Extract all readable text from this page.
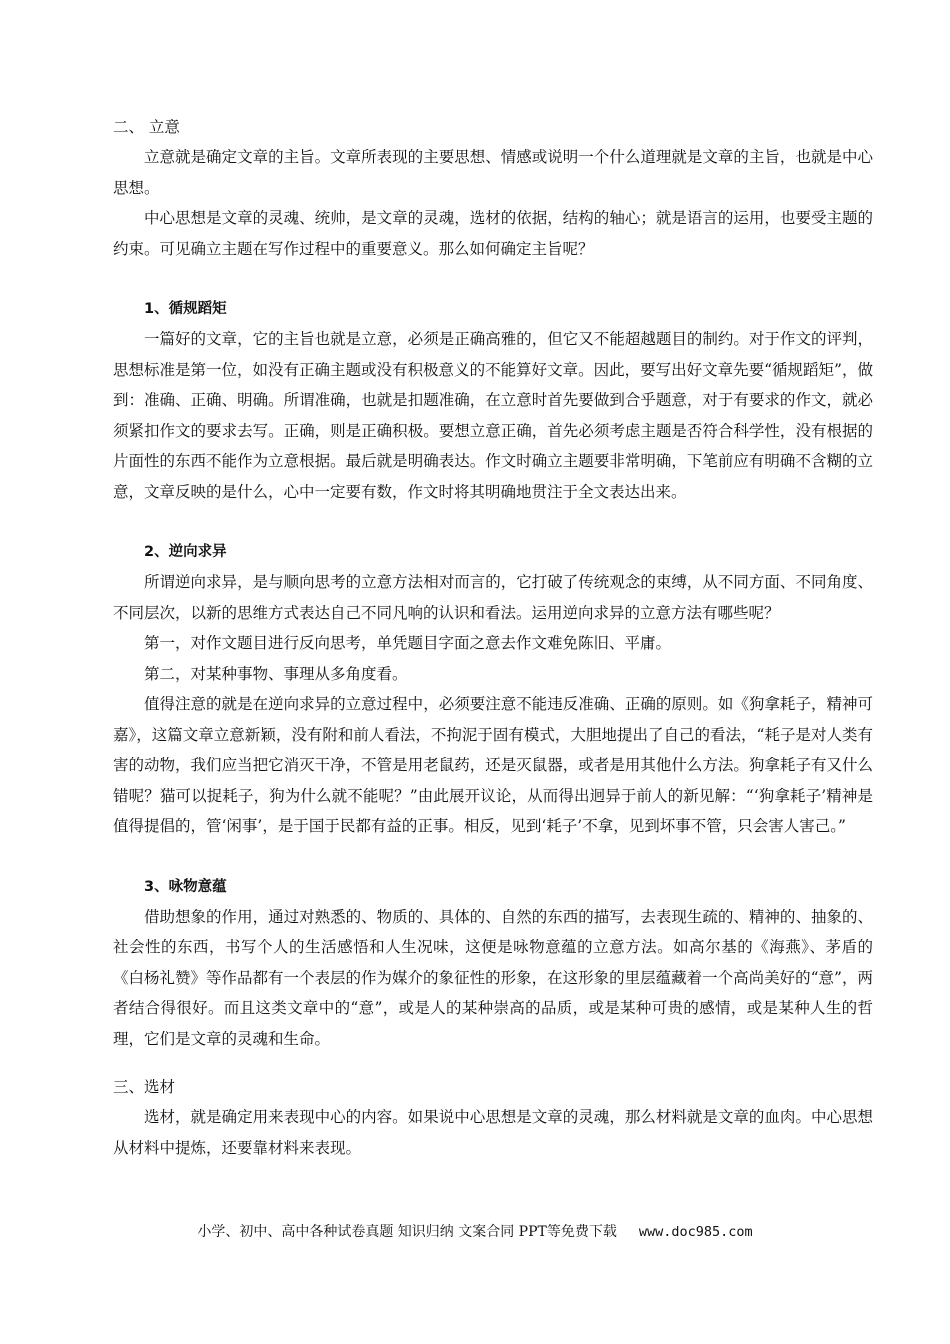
二、 立意

立意就是确定文章的主旨。文章所表现的主要思想、情感或说明一个什么道理就是文章的主旨，也就是中心思想。

中心思想是文章的灵魂、统帅，是文章的灵魂，选材的依据，结构的轴心；就是语言的运用，也要受主题的约束。可见确立主题在写作过程中的重要意义。那么如何确定主旨呢？

1、循规蹈矩

一篇好的文章，它的主旨也就是立意，必须是正确高雅的，但它又不能超越题目的制约。对于作文的评判，思想标准是第一位，如没有正确主题或没有积极意义的不能算好文章。因此，要写出好文章先要“循规蹈矩”，做到：准确、正确、明确。所谓准确，也就是扣题准确，在立意时首先要做到合乎题意，对于有要求的作文，就必须紧扣作文的要求去写。正确，则是正确积极。要想立意正确，首先必须考虑主题是否符合科学性，没有根据的片面性的东西不能作为立意根据。最后就是明确表达。作文时确立主题要非常明确，下笔前应有明确不含糊的立意，文章反映的是什么，心中一定要有数，作文时将其明确地贯注于全文表达出来。

2、逆向求异

所谓逆向求异，是与顺向思考的立意方法相对而言的，它打破了传统观念的束缚，从不同方面、不同角度、不同层次，以新的思维方式表达自己不同凡响的认识和看法。运用逆向求异的立意方法有哪些呢？

第一，对作文题目进行反向思考，单凭题目字面之意去作文难免陈旧、平庸。

第二，对某种事物、事理从多角度看。

值得注意的就是在逆向求异的立意过程中，必须要注意不能违反准确、正确的原则。如《狗拿耗子，精神可嘉》，这篇文章立意新颖，没有附和前人看法，不拘泥于固有模式，大胆地提出了自己的看法，“耗子是对人类有害的动物，我们应当把它消灭干净，不管是用老鼠药，还是灭鼠器，或者是用其他什么方法。狗拿耗子有又什么错呢？猫可以捉耗子，狗为什么就不能呢？”由此展开议论，从而得出迥异于前人的新见解：“‘狗拿耗子’精神是值得提倡的，管‘闲事’，是于国于民都有益的正事。相反，见到‘耗子’不拿，见到坏事不管，只会害人害己。”

3、咏物意蕴

借助想象的作用，通过对熟悉的、物质的、具体的、自然的东西的描写，去表现生疏的、精神的、抽象的、社会性的东西，书写个人的生活感悟和人生况味，这便是咏物意蕴的立意方法。如高尔基的《海燕》、茅盾的《白杨礼赞》等作品都有一个表层的作为媒介的象征性的形象，在这形象的里层蕴藏着一个高尚美好的“意”，两者结合得很好。而且这类文章中的“意”，或是人的某种崇高的品质，或是某种可贵的感情，或是某种人生的哲理，它们是文章的灵魂和生命。

三、选材

选材，就是确定用来表现中心的内容。如果说中心思想是文章的灵魂，那么材料就是文章的血肉。中心思想从材料中提炼，还要靠材料来表现。

小学、初中、高中各种试卷真题 知识归纳 文案合同 PPT等免费下载 www.doc985.com
